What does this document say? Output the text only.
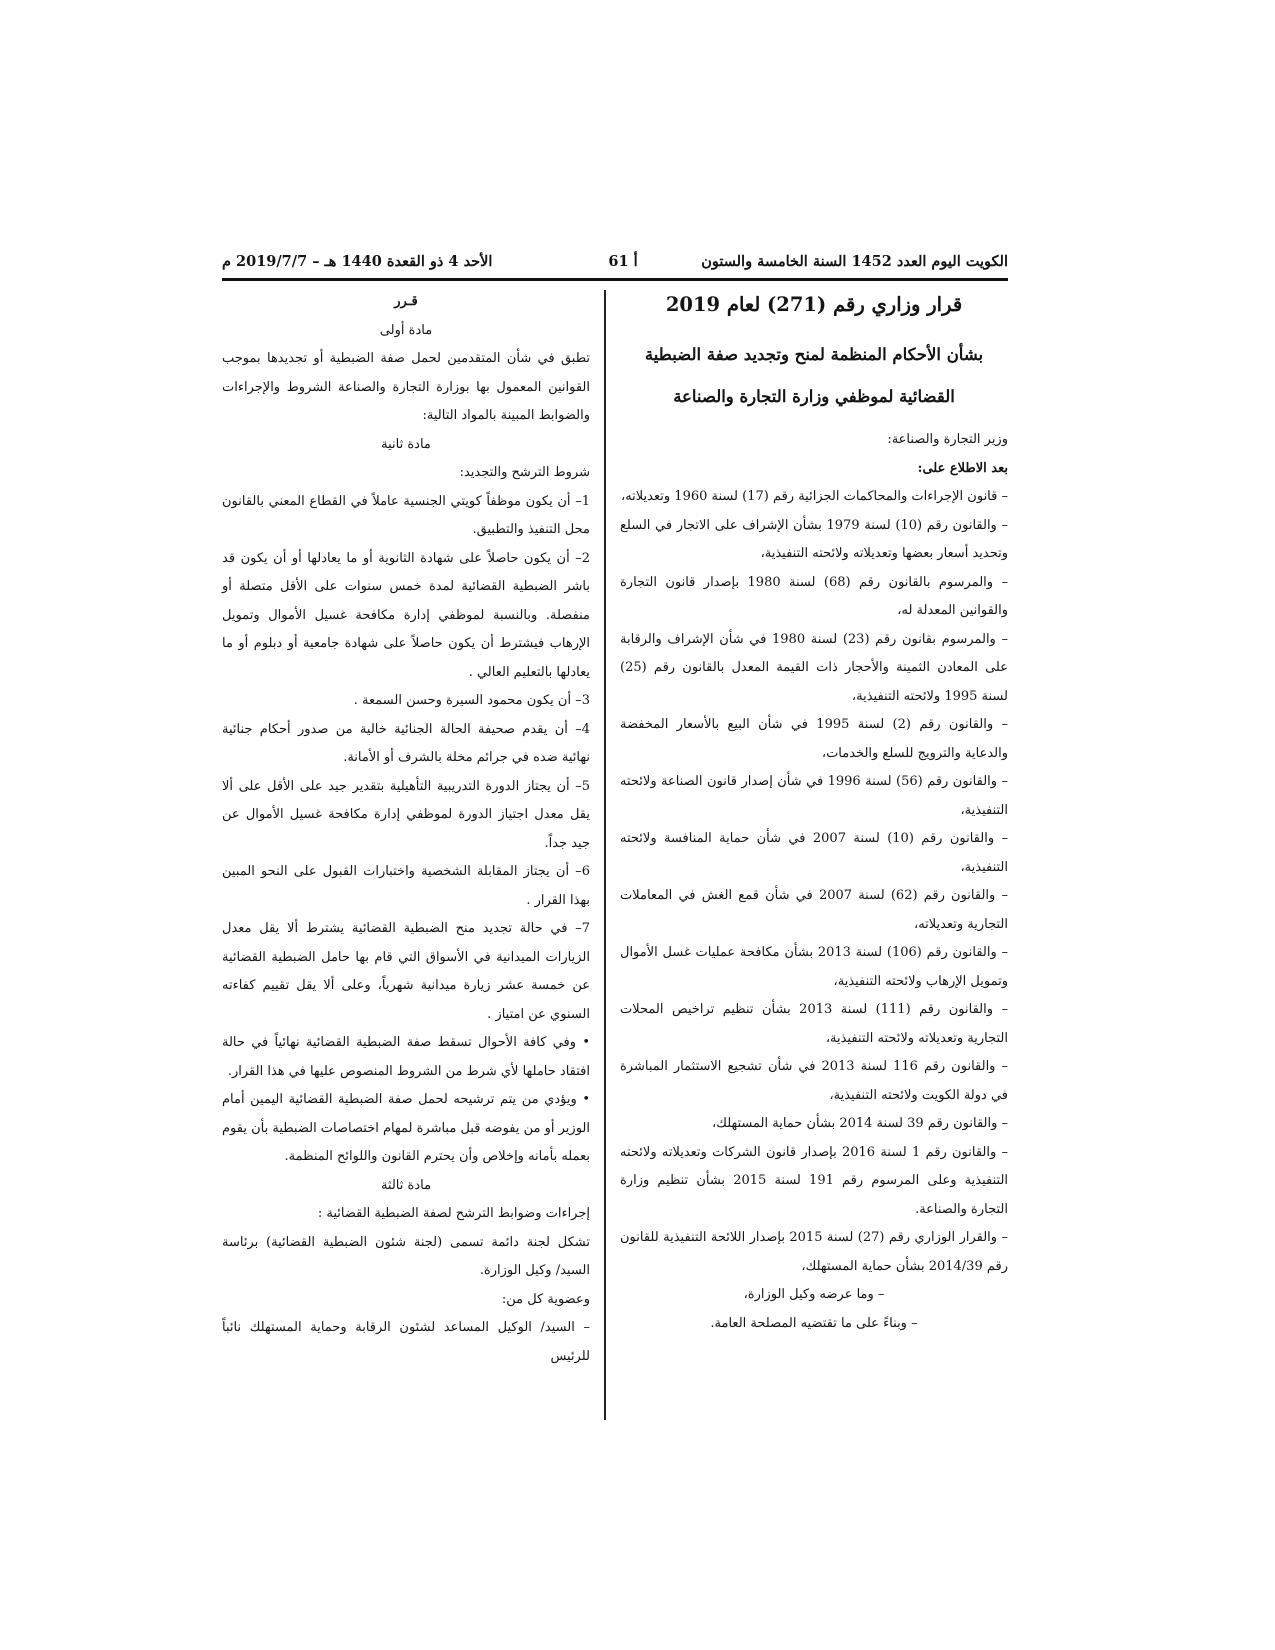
الكويت اليوم العدد 1452 السنة الخامسة والستون
أ 61
الأحد 4 ذو القعدة 1440 هـ – 2019/7/7 م
قرار وزاري رقم (271) لعام 2019
بشأن الأحكام المنظمة لمنح وتجديد صفة الضبطية القضائية لموظفي وزارة التجارة والصناعة

وزير التجارة والصناعة:

بعد الاطلاع على:

– قانون الإجراءات والمحاكمات الجزائية رقم (17) لسنة 1960 وتعديلاته،

– والقانون رقم (10) لسنة 1979 بشأن الإشراف على الاتجار في السلع وتحديد أسعار بعضها وتعديلاته ولائحته التنفيذية،

– والمرسوم بالقانون رقم (68) لسنة 1980 بإصدار قانون التجارة والقوانين المعدلة له،

– والمرسوم بقانون رقم (23) لسنة 1980 في شأن الإشراف والرقابة على المعادن الثمينة والأحجار ذات القيمة المعدل بالقانون رقم (25) لسنة 1995 ولائحته التنفيذية،

– والقانون رقم (2) لسنة 1995 في شأن البيع بالأسعار المخفضة والدعاية والترويج للسلع والخدمات،

– والقانون رقم (56) لسنة 1996 في شأن إصدار قانون الصناعة ولائحته التنفيذية،

– والقانون رقم (10) لسنة 2007 في شأن حماية المنافسة ولائحته التنفيذية،

– والقانون رقم (62) لسنة 2007 في شأن قمع الغش في المعاملات التجارية وتعديلاته،

– والقانون رقم (106) لسنة 2013 بشأن مكافحة عمليات غسل الأموال وتمويل الإرهاب ولائحته التنفيذية،

– والقانون رقم (111) لسنة 2013 بشأن تنظيم تراخيص المحلات التجارية وتعديلاته ولائحته التنفيذية،

– والقانون رقم 116 لسنة 2013 في شأن تشجيع الاستثمار المباشرة في دولة الكويت ولائحته التنفيذية،

– والقانون رقم 39 لسنة 2014 بشأن حماية المستهلك،

– والقانون رقم 1 لسنة 2016 بإصدار قانون الشركات وتعديلاته ولائحته التنفيذية وعلى المرسوم رقم 191 لسنة 2015 بشأن تنظيم وزارة التجارة والصناعة.

– والقرار الوزاري رقم (27) لسنة 2015 بإصدار اللائحة التنفيذية للقانون رقم 2014/39 بشأن حماية المستهلك،

– وما عرضه وكيل الوزارة،

– وبناءً على ما تقتضيه المصلحة العامة.

قـرر

مادة أولى

تطبق في شأن المتقدمين لحمل صفة الضبطية أو تجديدها بموجب القوانين المعمول بها بوزارة التجارة والصناعة الشروط والإجراءات والضوابط المبينة بالمواد التالية:

مادة ثانية

شروط الترشح والتجديد:

1– أن يكون موظفاً كويتي الجنسية عاملاً في القطاع المعني بالقانون محل التنفيذ والتطبيق.

2– أن يكون حاصلاً على شهادة الثانوية أو ما يعادلها أو أن يكون قد باشر الضبطية القضائية لمدة خمس سنوات على الأقل متصلة أو منفصلة. وبالنسبة لموظفي إدارة مكافحة غسيل الأموال وتمويل الإرهاب فيشترط أن يكون حاصلاً على شهادة جامعية أو دبلوم أو ما يعادلها بالتعليم العالي .

3– أن يكون محمود السيرة وحسن السمعة .

4– أن يقدم صحيفة الحالة الجنائية خالية من صدور أحكام جنائية نهائية ضده في جرائم مخلة بالشرف أو الأمانة.

5– أن يجتاز الدورة التدريبية التأهيلية بتقدير جيد على الأقل على ألا يقل معدل اجتياز الدورة لموظفي إدارة مكافحة غسيل الأموال عن جيد جداً.

6– أن يجتاز المقابلة الشخصية واختبارات القبول على النحو المبين بهذا القرار .

7– في حالة تجديد منح الضبطية القضائية يشترط ألا يقل معدل الزيارات الميدانية في الأسواق التي قام بها حامل الضبطية القضائية عن خمسة عشر زيارة ميدانية شهرياً، وعلى ألا يقل تقييم كفاءته السنوي عن امتياز .

• وفي كافة الأحوال تسقط صفة الضبطية القضائية نهائياً في حالة افتقاد حاملها لأي شرط من الشروط المنصوص عليها في هذا القرار.

• ويؤدي من يتم ترشيحه لحمل صفة الضبطية القضائية اليمين أمام الوزير أو من يفوضه قبل مباشرة لمهام اختصاصات الضبطية بأن يقوم بعمله بأمانه وإخلاص وأن يحترم القانون واللوائح المنظمة.

مادة ثالثة

إجراءات وضوابط الترشح لصفة الضبطية القضائية :

تشكل لجنة دائمة تسمى (لجنة شئون الضبطية القضائية) برئاسة السيد/ وكيل الوزارة.

وعضوية كل من:

– السيد/ الوكيل المساعد لشئون الرقابة وحماية المستهلك نائباً للرئيس
